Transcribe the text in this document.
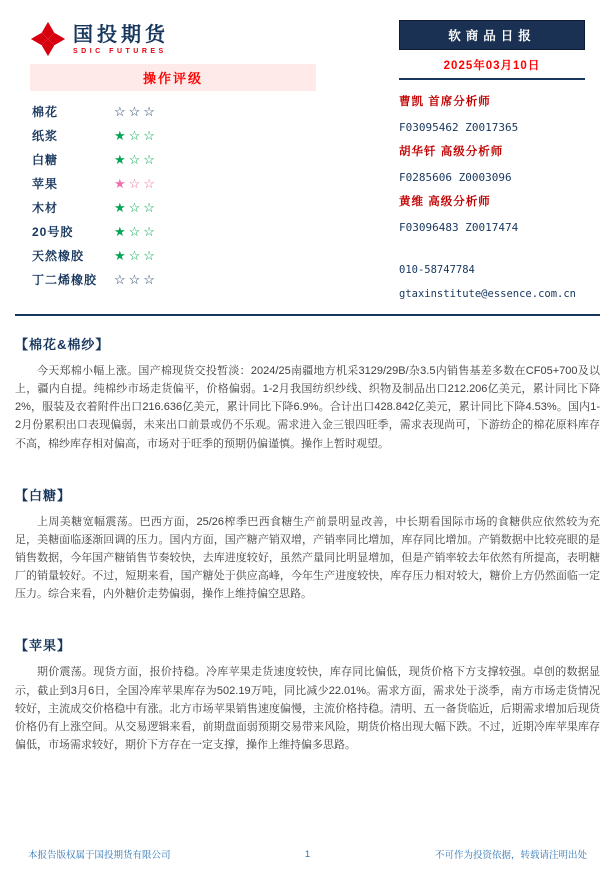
国投期货
SDIC FUTURES
操作评级
棉花	☆☆☆
纸浆	★☆☆
白糖	★☆☆
苹果	★☆☆
木材	★☆☆
20号胶	★☆☆
天然橡胶	★☆☆
丁二烯橡胶	☆☆☆
软商品日报
2025年03月10日
曹凯 首席分析师
F03095462 Z0017365
胡华钎 高级分析师
F0285606 Z0003096
黄维 高级分析师
F03096483 Z0017474
010-58747784
gtaxinstitute@essence.com.cn
【棉花&棉纱】

今天郑棉小幅上涨。国产棉现货交投暂淡：2024/25南疆地方机采3129/29B/杂3.5内销售基差多数在CF05+700及以上，疆内自提。纯棉纱市场走货偏平，价格偏弱。1-2月我国纺织纱线、织物及制品出口212.206亿美元，累计同比下降2%，服装及衣着附件出口216.636亿美元，累计同比下降6.9%。合计出口428.842亿美元，累计同比下降4.53%。国内1-2月份累积出口表现偏弱，未来出口前景或仍不乐观。需求进入金三银四旺季，需求表现尚可，下游纺企的棉花原料库存不高，棉纱库存相对偏高，市场对于旺季的预期仍偏谨慎。操作上暂时观望。

【白糖】

上周美糖宽幅震荡。巴西方面，25/26榨季巴西食糖生产前景明显改善，中长期看国际市场的食糖供应依然较为充足，美糖面临逐渐回调的压力。国内方面，国产糖产销双增，产销率同比增加，库存同比增加。产销数据中比较亮眼的是销售数据，今年国产糖销售节奏较快，去库进度较好，虽然产量同比明显增加，但是产销率较去年依然有所提高，表明糖厂的销量较好。不过，短期来看，国产糖处于供应高峰，今年生产进度较快，库存压力相对较大，糖价上方仍然面临一定压力。综合来看，内外糖价走势偏弱，操作上维持偏空思路。

【苹果】

期价震荡。现货方面，报价持稳。冷库苹果走货速度较快，库存同比偏低，现货价格下方支撑较强。卓创的数据显示，截止到3月6日，全国冷库苹果库存为502.19万吨，同比减少22.01%。需求方面，需求处于淡季，南方市场走货情况较好，主流成交价格稳中有涨。北方市场苹果销售速度偏慢，主流价格持稳。清明、五一备货临近，后期需求增加后现货价格仍有上涨空间。从交易逻辑来看，前期盘面弱预期交易带来风险，期货价格出现大幅下跌。不过，近期冷库苹果库存偏低，市场需求较好，期价下方存在一定支撑，操作上维持偏多思路。

本报告版权属于国投期货有限公司	1	不可作为投资依据，转载请注明出处
